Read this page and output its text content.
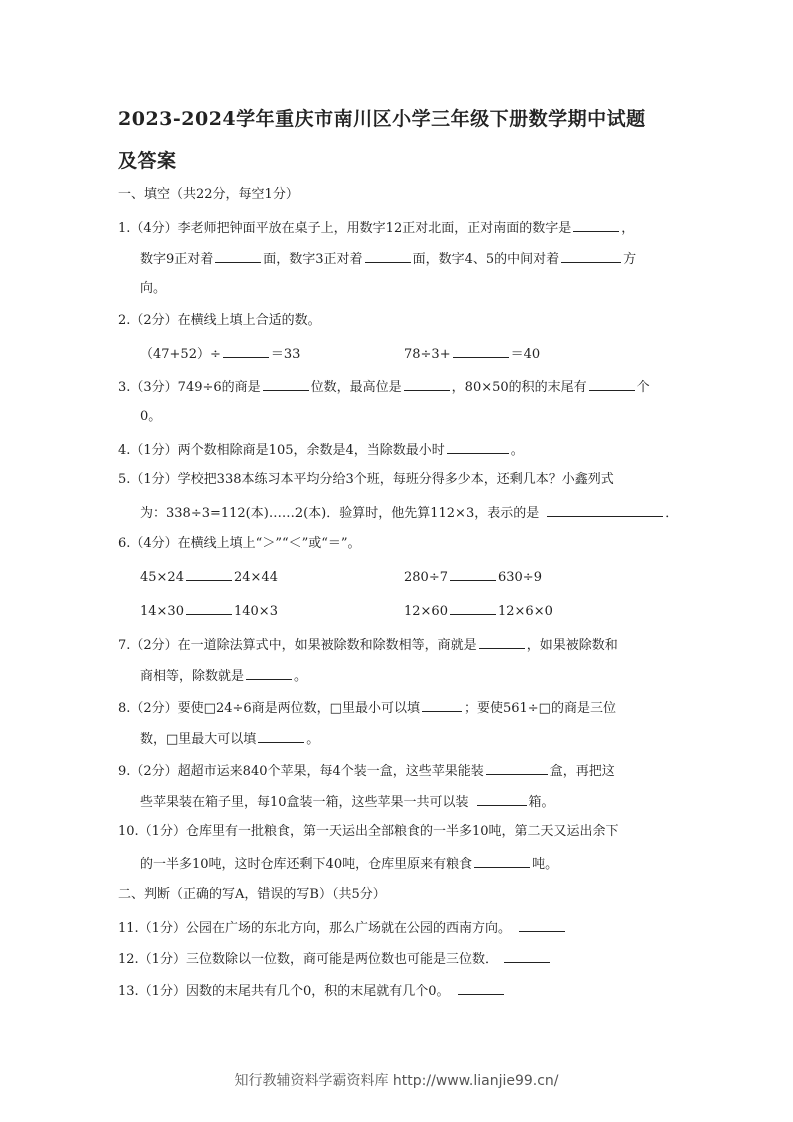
2023-2024学年重庆市南川区小学三年级下册数学期中试题
及答案
一、填空（共22分，每空1分）
1.（4分）李老师把钟面平放在桌子上，用数字12正对北面，正对南面的数字是	，
数字9正对着	面，数字3正对着	面，数字4、5的中间对着	方
向。
2.（2分）在横线上填上合适的数。
（47+52）÷	＝33	78÷3+	＝40
3.（3分）749÷6的商是	位数，最高位是	，80×50的积的末尾有	个
0。
4.（1分）两个数相除商是105，余数是4，当除数最小时	。
5.（1分）学校把338本练习本平均分给3个班，每班分得多少本，还剩几本？小鑫列式
为：338÷3=112(本)……2(本)．验算时，他先算112×3，表示的是	．
6.（4分）在横线上填上“＞”“＜”或“＝”。
45×24	24×44	280÷7	630÷9
14×30	140×3	12×60	12×6×0
7.（2分）在一道除法算式中，如果被除数和除数相等，商就是	，如果被除数和
商相等，除数就是	。
8.（2分）要使□24÷6商是两位数，□里最小可以填	；要使561÷□的商是三位
数，□里最大可以填	。
9.（2分）超超市运来840个苹果，每4个装一盒，这些苹果能装	盒，再把这
些苹果装在箱子里，每10盒装一箱，这些苹果一共可以装	箱。
10.（1分）仓库里有一批粮食，第一天运出全部粮食的一半多10吨，第二天又运出余下
的一半多10吨，这时仓库还剩下40吨，仓库里原来有粮食	吨。
二、判断（正确的写A，错误的写B）（共5分）
11.（1分）公园在广场的东北方向，那么广场就在公园的西南方向。
12.（1分）三位数除以一位数，商可能是两位数也可能是三位数．
13.（1分）因数的末尾共有几个0，积的末尾就有几个0。
知行教辅资料学霸资料库 http://www.lianjie99.cn/
